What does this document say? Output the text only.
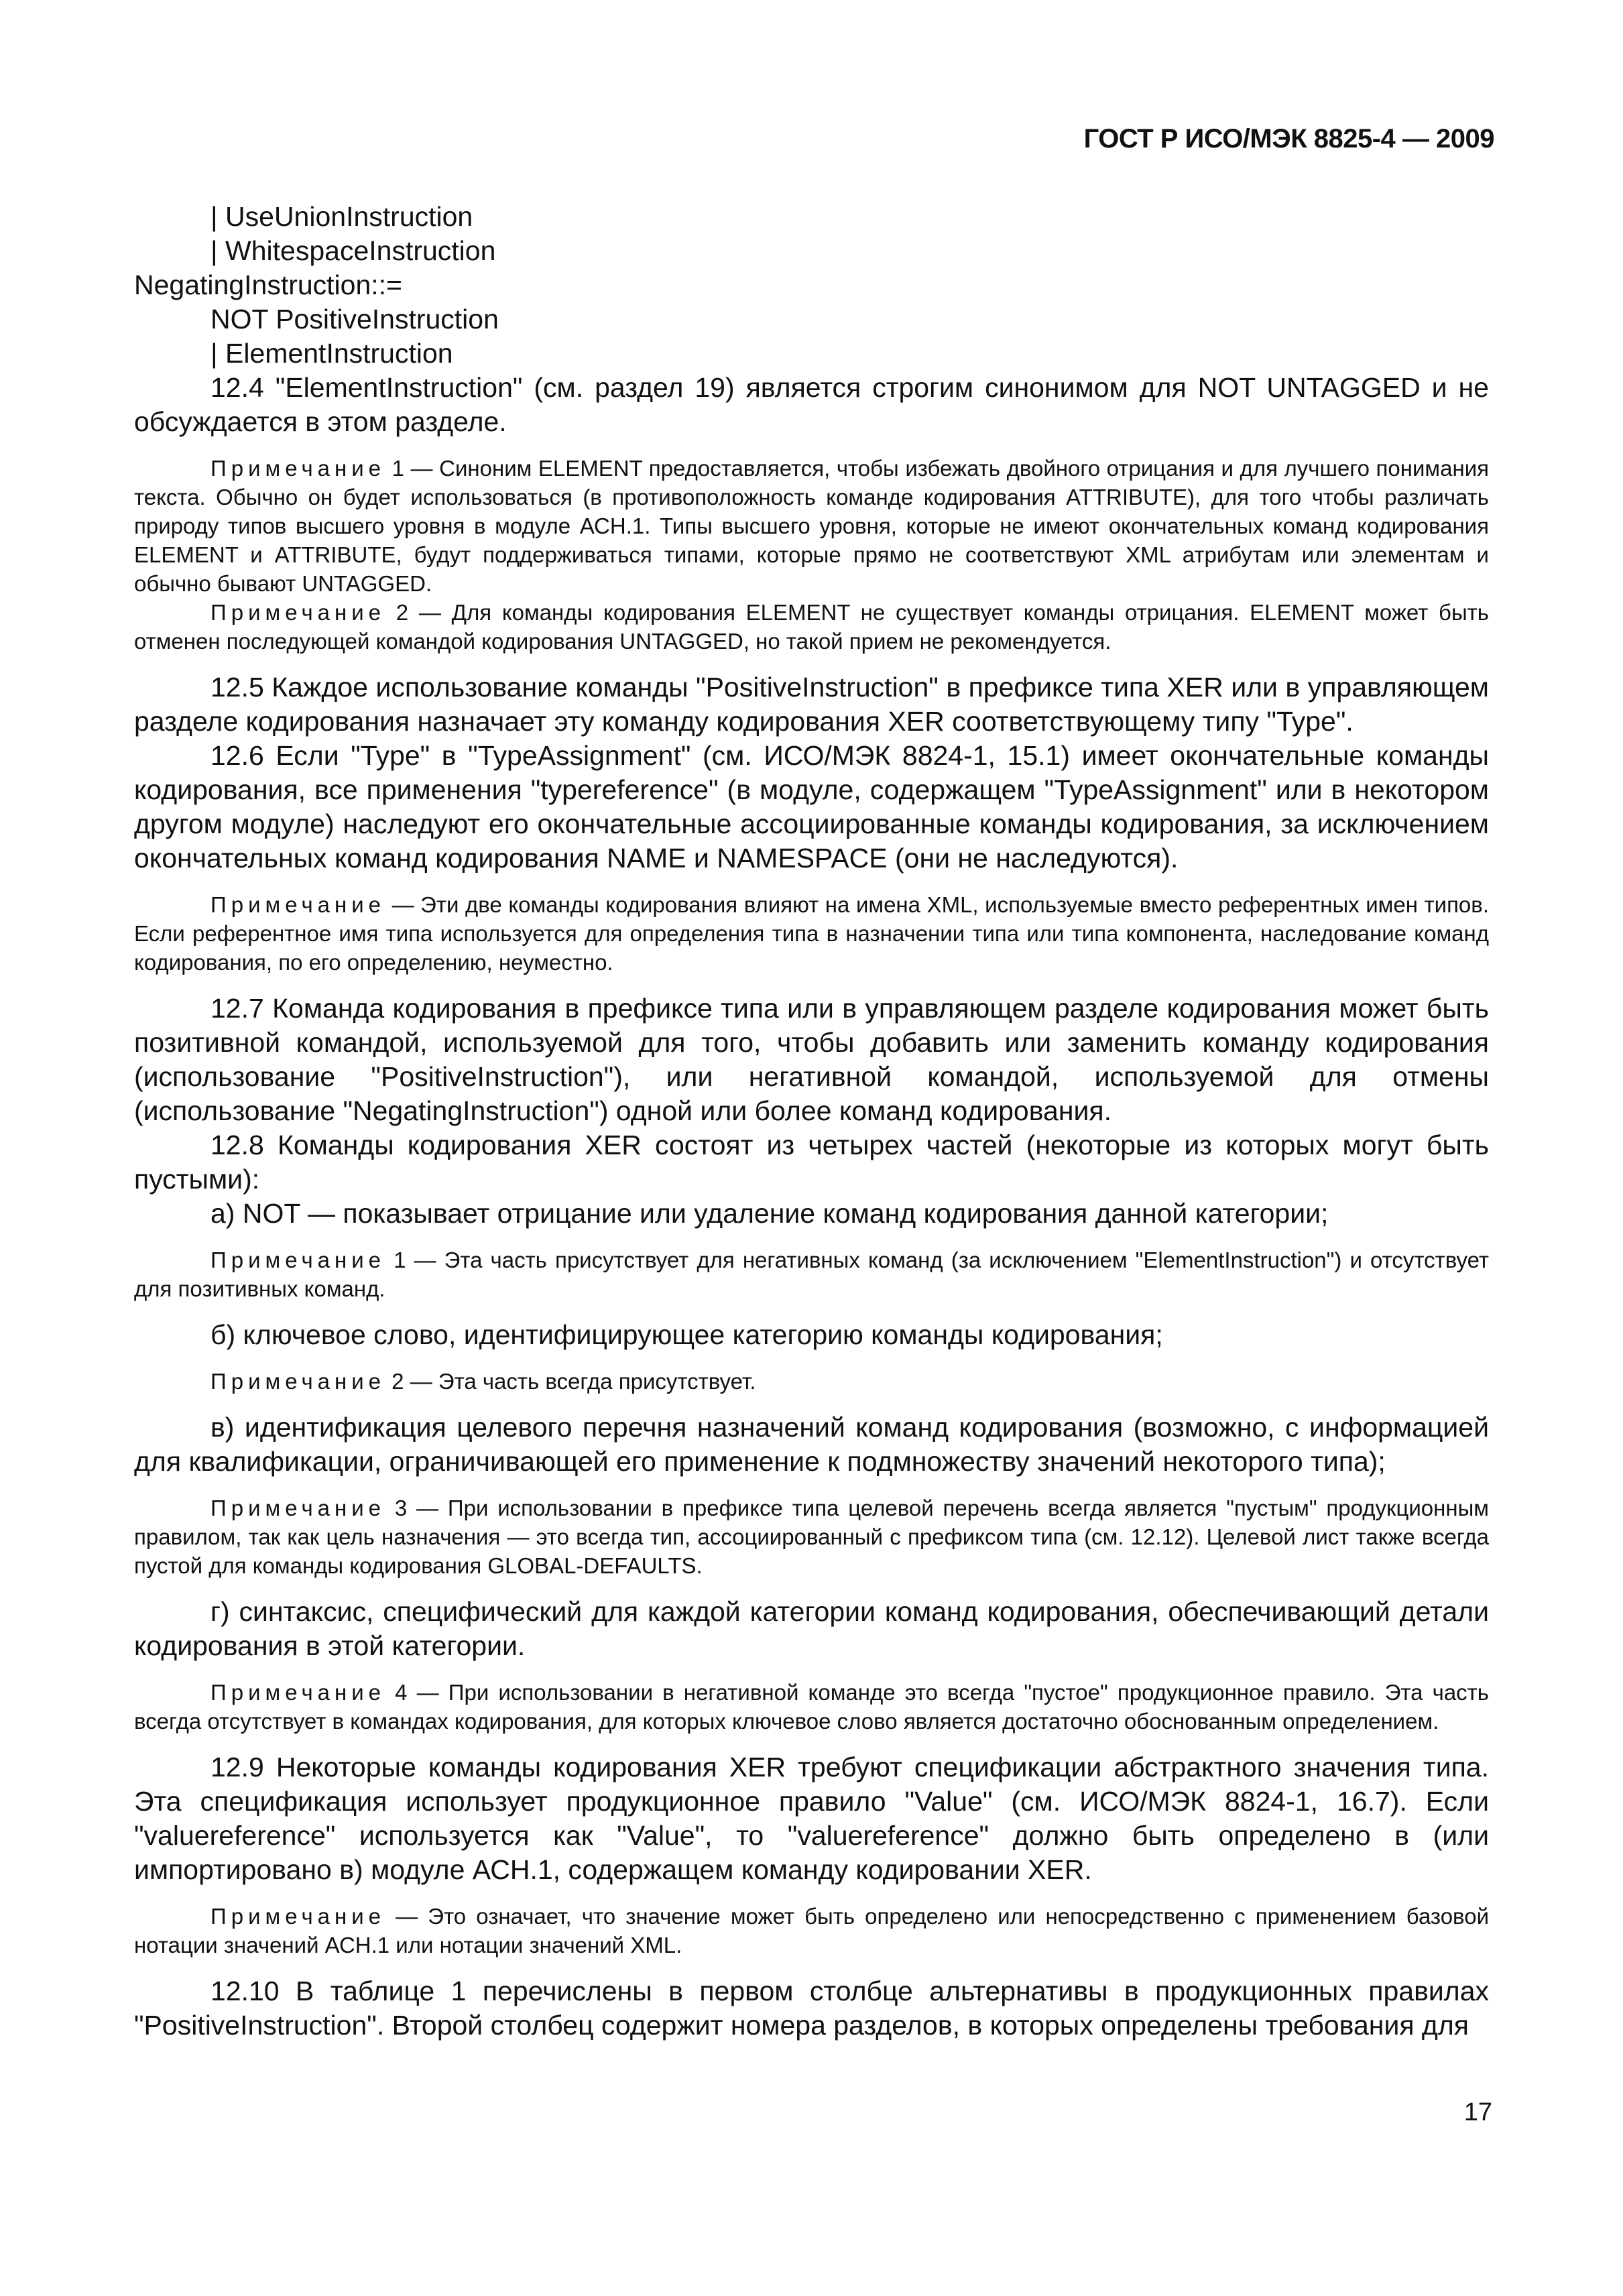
ГОСТ Р ИСО/МЭК 8825-4 — 2009

| UseUnionInstruction

| WhitespaceInstruction

NegatingInstruction::=

NOT PositiveInstruction

| ElementInstruction

12.4 "ElementInstruction" (см. раздел 19) является строгим синонимом для NOT UNTAGGED и не обсуждается в этом разделе.

Примечание 1 — Синоним ELEMENT предоставляется, чтобы избежать двойного отрицания и для лучшего понимания текста. Обычно он будет использоваться (в противоположность команде кодирования ATTRIBUTE), для того чтобы различать природу типов высшего уровня в модуле АСН.1. Типы высшего уровня, которые не имеют окончательных команд кодирования ELEMENT и ATTRIBUTE, будут поддерживаться типами, которые прямо не соответствуют XML атрибутам или элементам и обычно бывают UNTAGGED.

Примечание 2 — Для команды кодирования ELEMENT не существует команды отрицания. ELEMENT может быть отменен последующей командой кодирования UNTAGGED, но такой прием не рекомендуется.

12.5 Каждое использование команды "PositiveInstruction" в префиксе типа XER или в управляющем разделе кодирования назначает эту команду кодирования XER соответствующему типу "Type".

12.6 Если "Type" в "TypeAssignment" (см. ИСО/МЭК 8824-1, 15.1) имеет окончательные команды кодирования, все применения "typereference" (в модуле, содержащем "TypeAssignment" или в некотором другом модуле) наследуют его окончательные ассоциированные команды кодирования, за исключением окончательных команд кодирования NAME и NAMESPACE (они не наследуются).

Примечание — Эти две команды кодирования влияют на имена XML, используемые вместо референтных имен типов. Если референтное имя типа используется для определения типа в назначении типа или типа компонента, наследование команд кодирования, по его определению, неуместно.

12.7 Команда кодирования в префиксе типа или в управляющем разделе кодирования может быть позитивной командой, используемой для того, чтобы добавить или заменить команду кодирования (использование "PositiveInstruction"), или негативной командой, используемой для отмены (использование "NegatingInstruction") одной или более команд кодирования.

12.8 Команды кодирования XER состоят из четырех частей (некоторые из которых могут быть пустыми):

а) NOT — показывает отрицание или удаление команд кодирования данной категории;

Примечание 1 — Эта часть присутствует для негативных команд (за исключением "ElementInstruction") и отсутствует для позитивных команд.

б) ключевое слово, идентифицирующее категорию команды кодирования;

Примечание 2 — Эта часть всегда присутствует.

в) идентификация целевого перечня назначений команд кодирования (возможно, с информацией для квалификации, ограничивающей его применение к подмножеству значений некоторого типа);

Примечание 3 — При использовании в префиксе типа целевой перечень всегда является "пустым" продукционным правилом, так как цель назначения — это всегда тип, ассоциированный с префиксом типа (см. 12.12). Целевой лист также всегда пустой для команды кодирования GLOBAL-DEFAULTS.

г) синтаксис, специфический для каждой категории команд кодирования, обеспечивающий детали кодирования в этой категории.

Примечание 4 — При использовании в негативной команде это всегда "пустое" продукционное правило. Эта часть всегда отсутствует в командах кодирования, для которых ключевое слово является достаточно обоснованным определением.

12.9 Некоторые команды кодирования XER требуют спецификации абстрактного значения типа. Эта спецификация использует продукционное правило "Value" (см. ИСО/МЭК 8824-1, 16.7). Если "valuereference" используется как "Value", то "valuereference" должно быть определено в (или импортировано в) модуле АСН.1, содержащем команду кодировании XER.

Примечание — Это означает, что значение может быть определено или непосредственно с применением базовой нотации значений АСН.1 или нотации значений XML.

12.10 В таблице 1 перечислены в первом столбце альтернативы в продукционных правилах "PositiveInstruction". Второй столбец содержит номера разделов, в которых определены требования для

17
